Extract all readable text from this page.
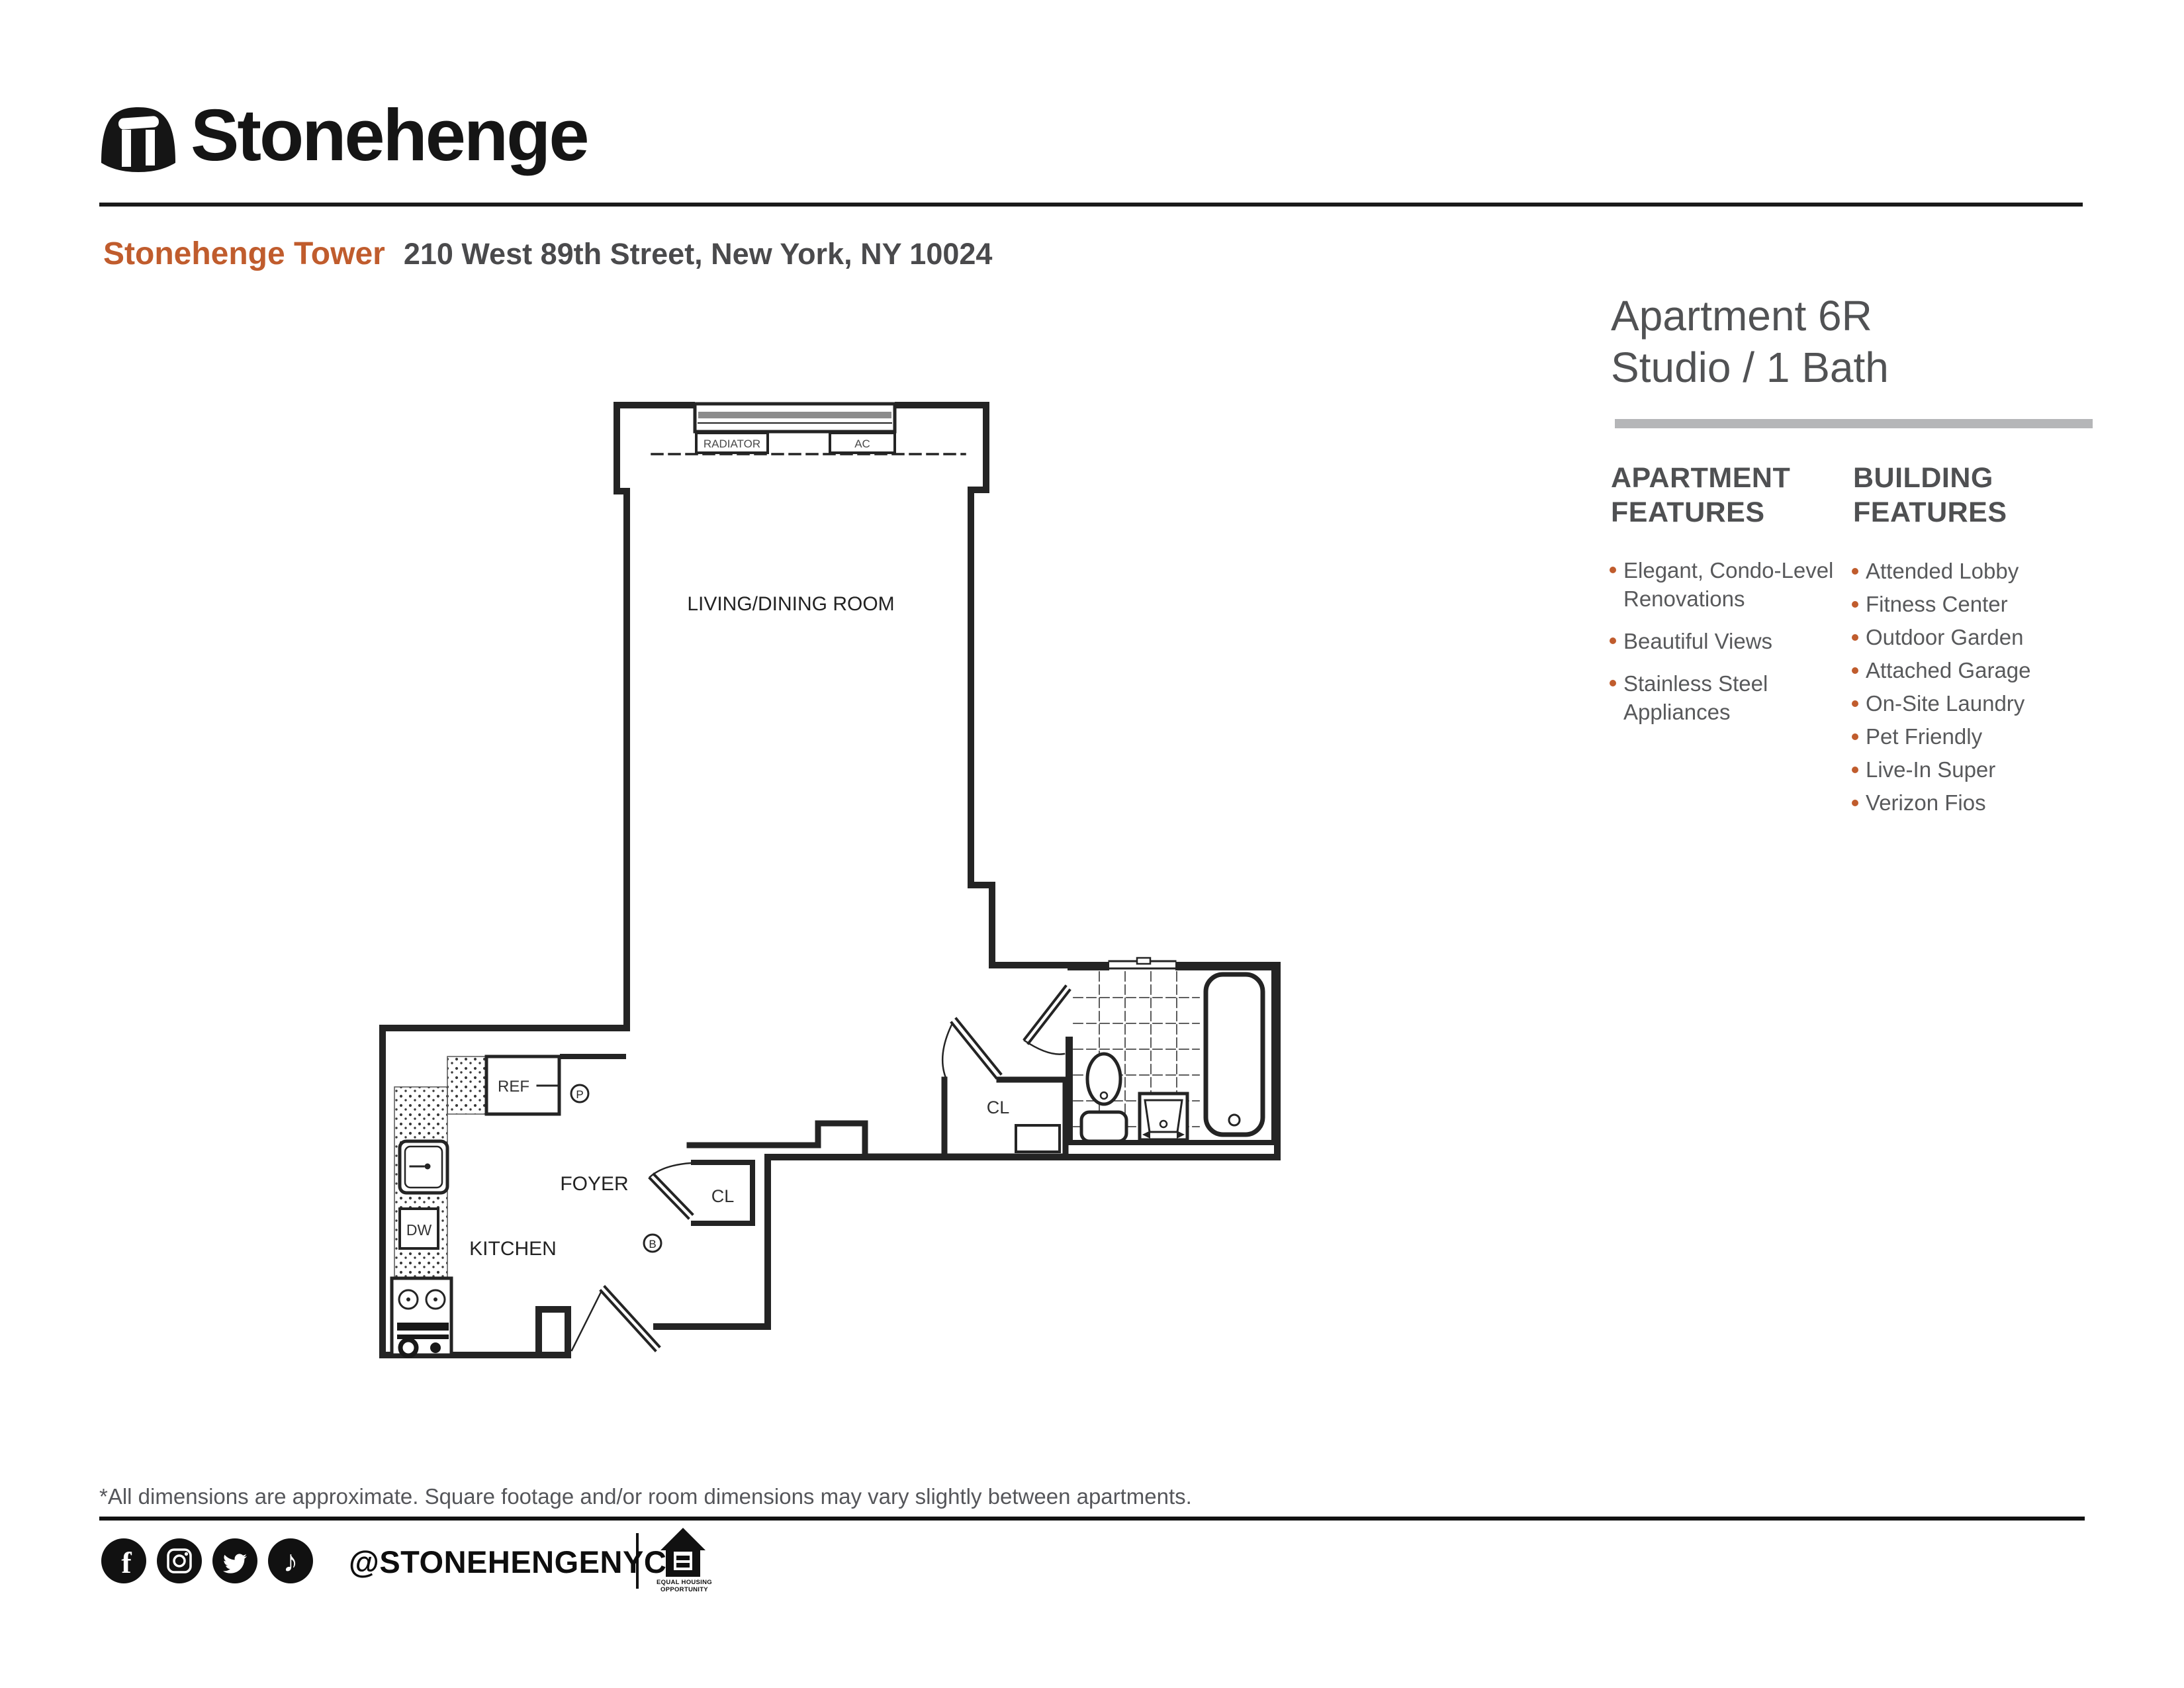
Stonehenge
Stonehenge Tower 210 West 89th Street, New York, NY 10024
Apartment 6R
Studio / 1 Bath
APARTMENT
FEATURES
BUILDING
FEATURES
Elegant, Condo-Level
Renovations
Beautiful Views
Stainless Steel
Appliances
Attended Lobby
Fitness Center
Outdoor Garden
Attached Garage
On-Site Laundry
Pet Friendly
Live-In Super
Verizon Fios
RADIATOR	AC
REF
DW
CL
CL
P
B
LIVING/DINING ROOM
FOYER
KITCHEN
*All dimensions are approximate. Square footage and/or room dimensions may vary slightly between apartments.
f	♪ @STONEHENGENYC
EQUAL HOUSING
OPPORTUNITY
